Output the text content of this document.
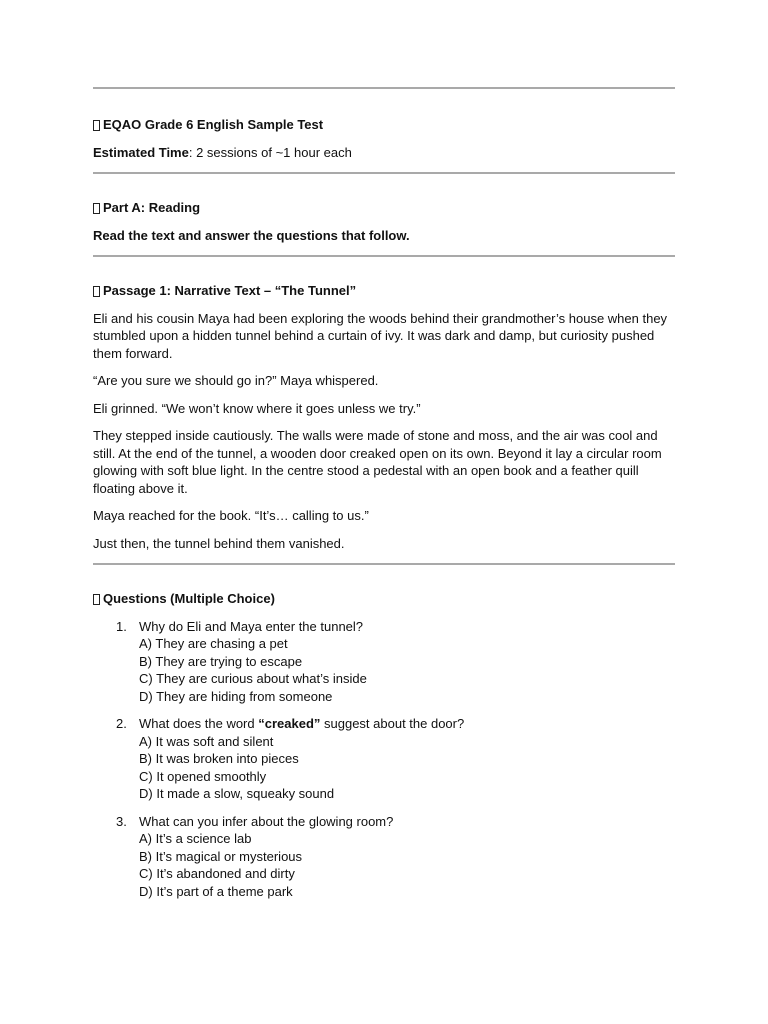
EQAO Grade 6 English Sample Test

Estimated Time: 2 sessions of ~1 hour each

Part A: Reading

Read the text and answer the questions that follow.

Passage 1: Narrative Text – “The Tunnel”

Eli and his cousin Maya had been exploring the woods behind their grandmother’s house when they stumbled upon a hidden tunnel behind a curtain of ivy. It was dark and damp, but curiosity pushed them forward.

“Are you sure we should go in?” Maya whispered.

Eli grinned. “We won’t know where it goes unless we try.”

They stepped inside cautiously. The walls were made of stone and moss, and the air was cool and still. At the end of the tunnel, a wooden door creaked open on its own. Beyond it lay a circular room glowing with soft blue light. In the centre stood a pedestal with an open book and a feather quill floating above it.

Maya reached for the book. “It’s… calling to us.”

Just then, the tunnel behind them vanished.

Questions (Multiple Choice)

1. Why do Eli and Maya enter the tunnel?
A) They are chasing a pet
B) They are trying to escape
C) They are curious about what’s inside
D) They are hiding from someone
2. What does the word “creaked” suggest about the door?
A) It was soft and silent
B) It was broken into pieces
C) It opened smoothly
D) It made a slow, squeaky sound
3. What can you infer about the glowing room?
A) It’s a science lab
B) It’s magical or mysterious
C) It’s abandoned and dirty
D) It’s part of a theme park
